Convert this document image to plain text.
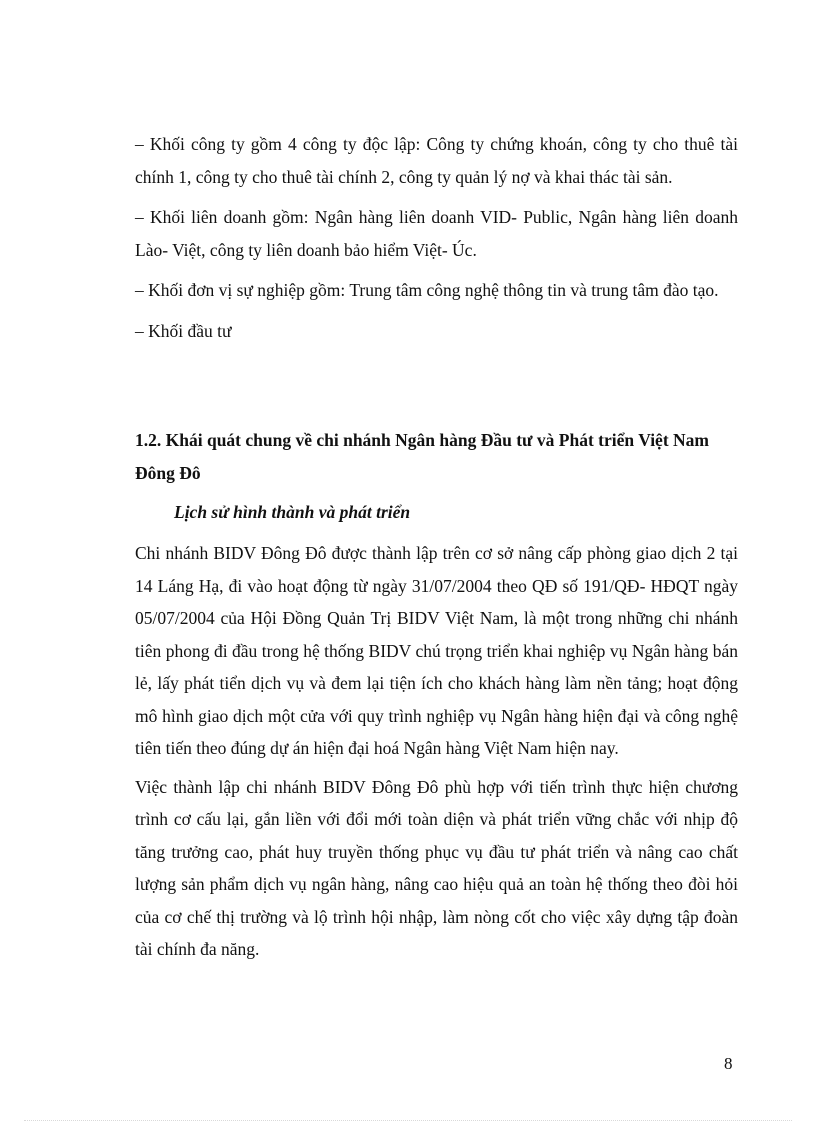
– Khối công ty gồm 4 công ty độc lập: Công ty chứng khoán, công ty cho thuê tài chính 1, công ty cho thuê tài chính 2, công ty quản lý nợ và khai thác tài sản.

– Khối liên doanh gồm: Ngân hàng liên doanh VID- Public, Ngân hàng liên doanh Lào- Việt, công ty liên doanh bảo hiểm Việt- Úc.

– Khối đơn vị sự nghiệp gồm: Trung tâm công nghệ thông tin và trung tâm đào tạo.

– Khối đầu tư

1.2. Khái quát chung về chi nhánh Ngân hàng Đầu tư và Phát triển Việt Nam Đông Đô
Lịch sử hình thành và phát triển

Chi nhánh BIDV Đông Đô được thành lập trên cơ sở nâng cấp phòng giao dịch 2 tại 14 Láng Hạ, đi vào hoạt động từ ngày 31/07/2004 theo QĐ số 191/QĐ- HĐQT ngày 05/07/2004 của Hội Đồng Quản Trị BIDV Việt Nam, là một trong những chi nhánh tiên phong đi đầu trong hệ thống BIDV chú trọng triển khai nghiệp vụ Ngân hàng bán lẻ, lấy phát tiển dịch vụ và đem lại tiện ích cho khách hàng làm nền tảng; hoạt động mô hình giao dịch một cửa với quy trình nghiệp vụ Ngân hàng hiện đại và công nghệ tiên tiến theo đúng dự án hiện đại hoá Ngân hàng Việt Nam hiện nay.

Việc thành lập chi nhánh BIDV Đông Đô phù hợp với tiến trình thực hiện chương trình cơ cấu lại, gắn liền với đổi mới toàn diện và phát triển vững chắc với nhịp độ tăng trưởng cao, phát huy truyền thống phục vụ đầu tư phát triển và nâng cao chất lượng sản phẩm dịch vụ ngân hàng, nâng cao hiệu quả an toàn hệ thống theo đòi hỏi của cơ chế thị trường và lộ trình hội nhập, làm nòng cốt cho việc xây dựng tập đoàn tài chính đa năng.

8
